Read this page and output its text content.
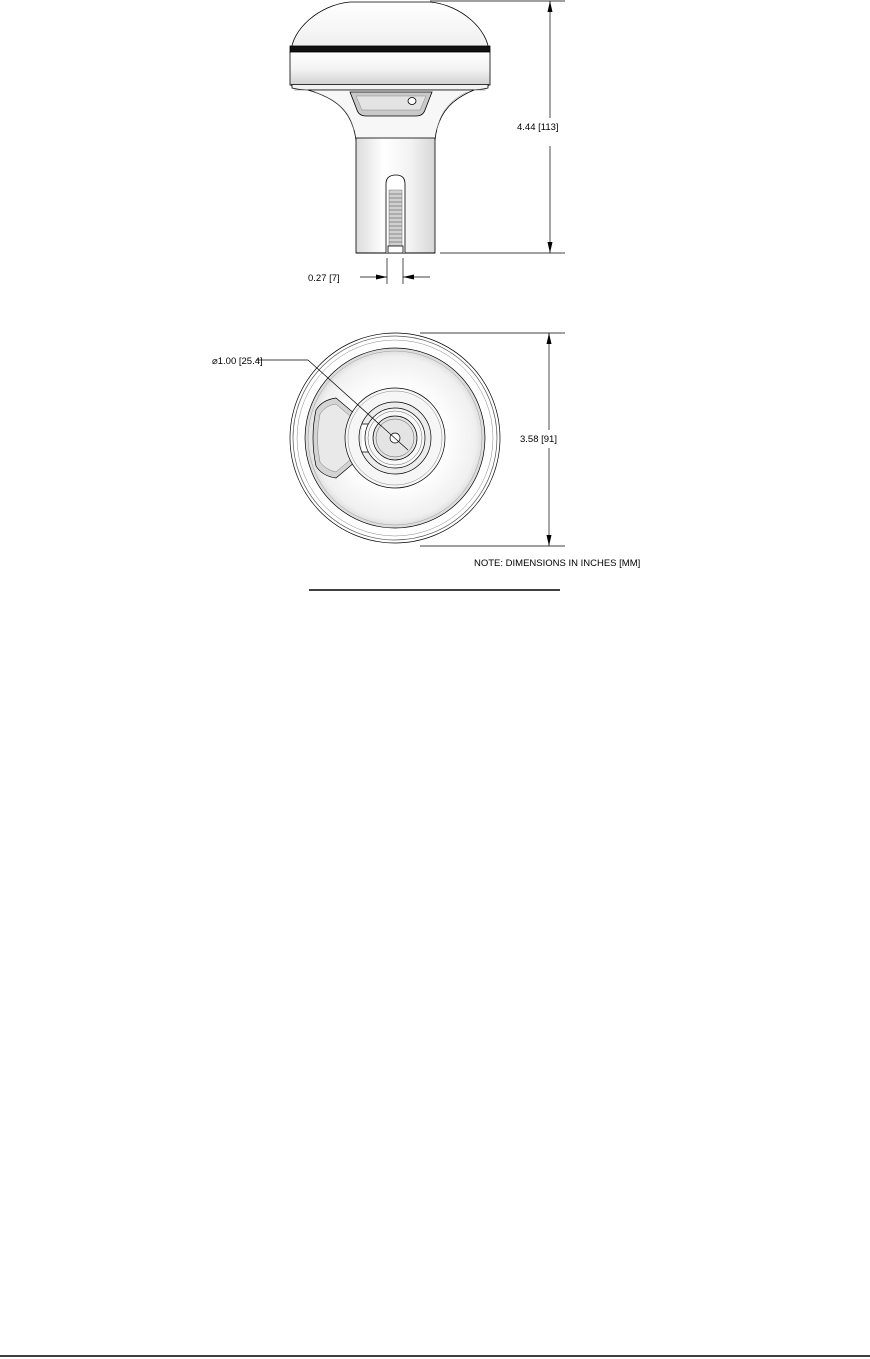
4.44 [113]
0.27 [7]
⌀1.00 [25.4]
3.58 [91]
NOTE: DIMENSIONS IN INCHES [MM]
